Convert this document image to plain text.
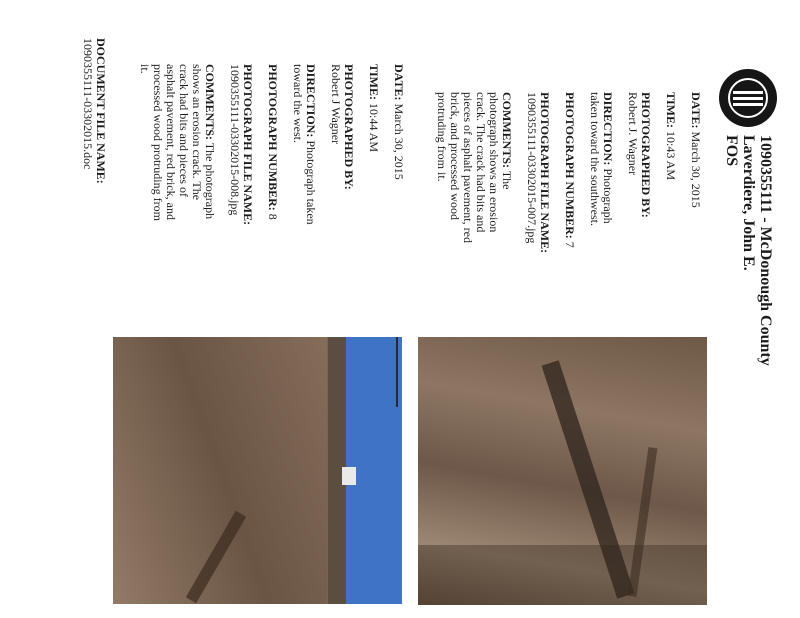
1090355111 - McDonough County
Laverdiere, John E.
FOS
DATE: March 30, 2015
TIME: 10:43 AM
PHOTOGRAPHED BY:
Robert J. Wagner
DIRECTION: Photograph taken toward the southwest.
PHOTOGRAPH NUMBER: 7
PHOTOGRAPH FILE NAME:
1090355111-03302015-007.jpg
COMMENTS: The photograph shows an erosion crack. The crack had bits and pieces of asphalt pavement, red brick, and processed wood protruding from it.
DATE: March 30, 2015
TIME: 10:44 AM
PHOTOGRAPHED BY:
Robert J Wagner
DIRECTION: Photograph taken toward the west.
PHOTOGRAPH NUMBER: 8
PHOTOGRAPH FILE NAME:
1090355111-03302015-008.jpg
COMMENTS: The photograph shows an erosion crack. The crack had bits and pieces of asphalt pavement, red brick, and processed wood protruding from it.
DOCUMENT FILE NAME:
1090355111-03302015.doc
